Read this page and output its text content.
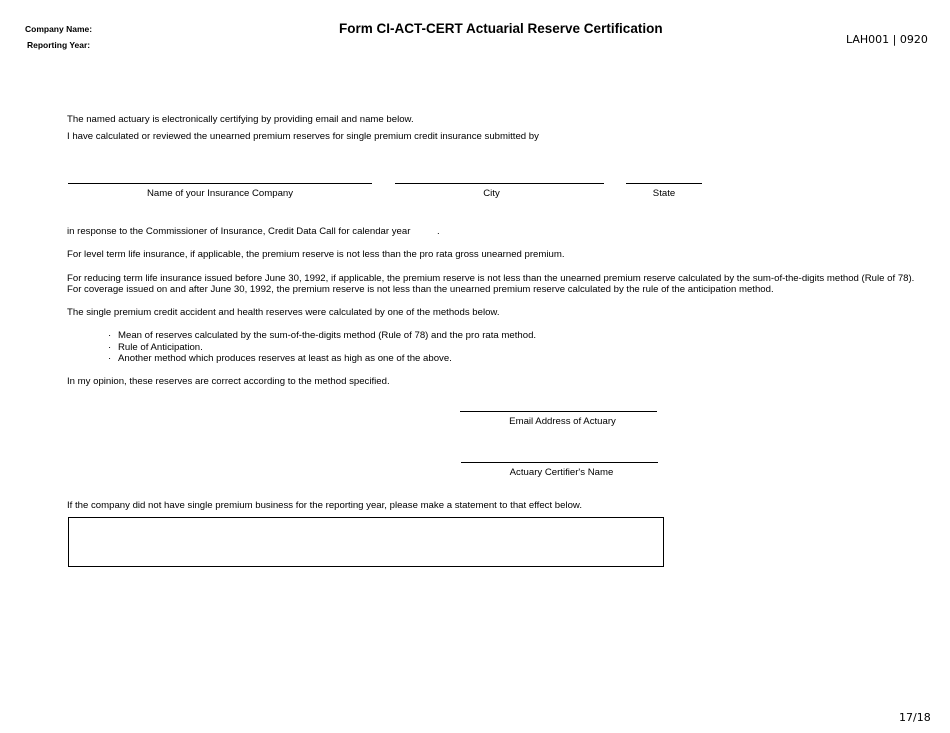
Company Name:
Reporting Year:
Form CI-ACT-CERT Actuarial Reserve Certification
LAH001 | 0920
The named actuary is electronically certifying by providing email and name below.
I have calculated or reviewed the unearned premium reserves for single premium credit insurance submitted by
Name of your Insurance Company	City	State
in response to the Commissioner of Insurance, Credit Data Call for calendar year	.
For level term life insurance, if applicable, the premium reserve is not less than the pro rata gross unearned premium.
For reducing term life insurance issued before June 30, 1992, if applicable, the premium reserve is not less than the unearned premium reserve calculated by the sum-of-the-digits method (Rule of 78).
For coverage issued on and after June 30, 1992, the premium reserve is not less than the unearned premium reserve calculated by the rule of the anticipation method.
The single premium credit accident and health reserves were calculated by one of the methods below.
· Mean of reserves calculated by the sum-of-the-digits method (Rule of 78) and the pro rata method.
· Rule of Anticipation.
· Another method which produces reserves at least as high as one of the above.
In my opinion, these reserves are correct according to the method specified.
Email Address of Actuary
Actuary Certifier's Name
If the company did not have single premium business for the reporting year, please make a statement to that effect below.
17/18
